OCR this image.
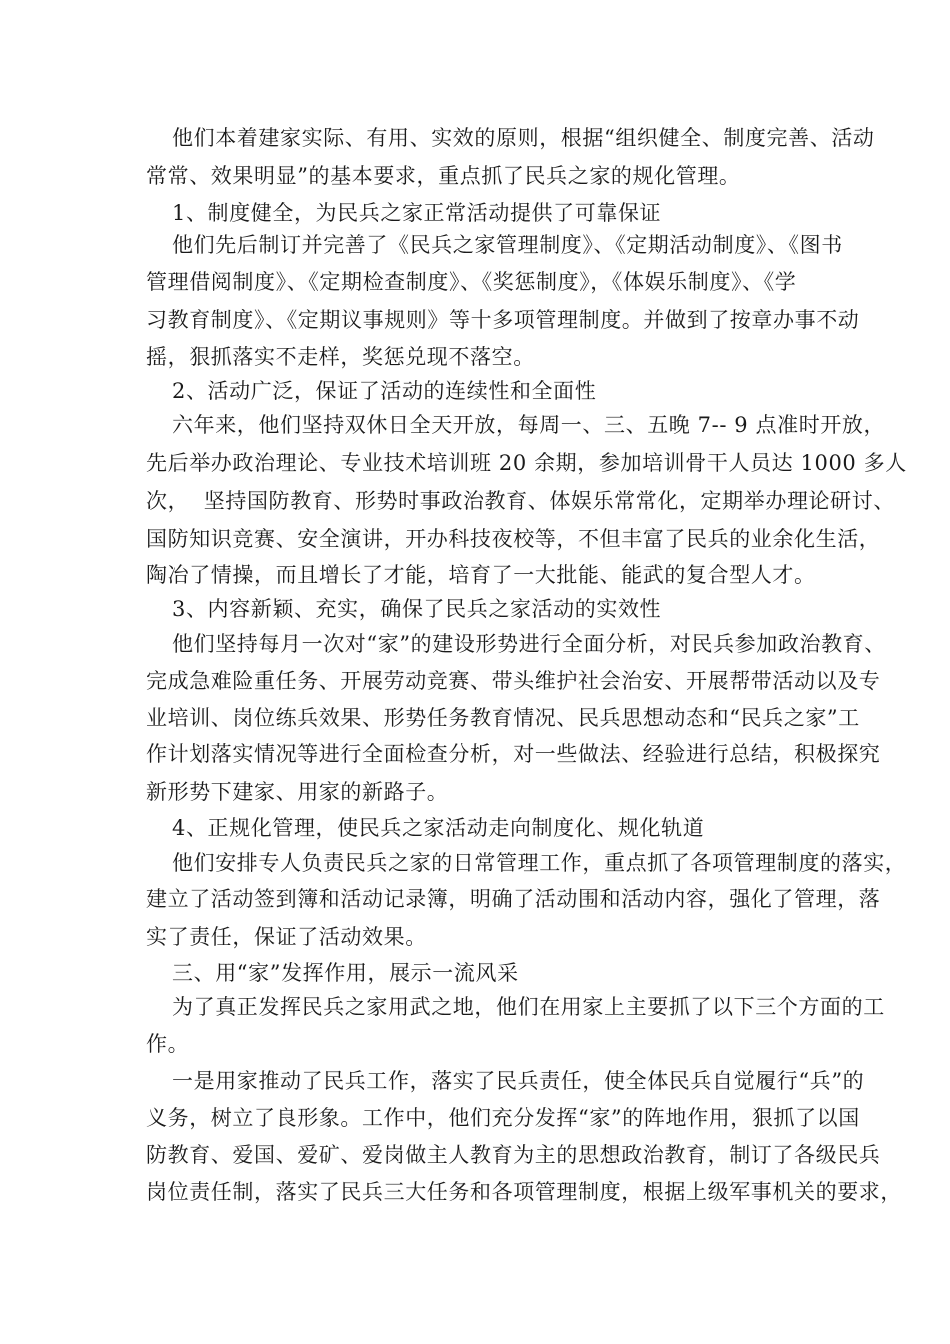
他们本着建家实际、有用、实效的原则，根据“组织健全、制度完善、活动
常常、效果明显”的基本要求，重点抓了民兵之家的规化管理。
1、制度健全，为民兵之家正常活动提供了可靠保证
他们先后制订并完善了《民兵之家管理制度》、《定期活动制度》、《图书
管理借阅制度》、《定期检查制度》、《奖惩制度》，《体娱乐制度》、《学
习教育制度》、《定期议事规则》等十多项管理制度。并做到了按章办事不动
摇，狠抓落实不走样，奖惩兑现不落空。
2、活动广泛，保证了活动的连续性和全面性
六年来，他们坚持双休日全天开放，每周一、三、五晚 7-- 9 点准时开放，
先后举办政治理论、专业技术培训班 20 余期，参加培训骨干人员达 1000 多人
次，  坚持国防教育、形势时事政治教育、体娱乐常常化，定期举办理论研讨、
国防知识竞赛、安全演讲，开办科技夜校等，不但丰富了民兵的业余化生活，
陶冶了情操，而且增长了才能，培育了一大批能、能武的复合型人才。
3、内容新颖、充实，确保了民兵之家活动的实效性
他们坚持每月一次对“家”的建设形势进行全面分析，对民兵参加政治教育、
完成急难险重任务、开展劳动竞赛、带头维护社会治安、开展帮带活动以及专
业培训、岗位练兵效果、形势任务教育情况、民兵思想动态和“民兵之家”工
作计划落实情况等进行全面检查分析，对一些做法、经验进行总结，积极探究
新形势下建家、用家的新路子。
4、正规化管理，使民兵之家活动走向制度化、规化轨道
他们安排专人负责民兵之家的日常管理工作，重点抓了各项管理制度的落实，
建立了活动签到簿和活动记录簿，明确了活动围和活动内容，强化了管理，落
实了责任，保证了活动效果。
三、用“家”发挥作用，展示一流风采
为了真正发挥民兵之家用武之地，他们在用家上主要抓了以下三个方面的工
作。
一是用家推动了民兵工作，落实了民兵责任，使全体民兵自觉履行“兵”的
义务，树立了良形象。工作中，他们充分发挥“家”的阵地作用，狠抓了以国
防教育、爱国、爱矿、爱岗做主人教育为主的思想政治教育，制订了各级民兵
岗位责任制，落实了民兵三大任务和各项管理制度，根据上级军事机关的要求，
